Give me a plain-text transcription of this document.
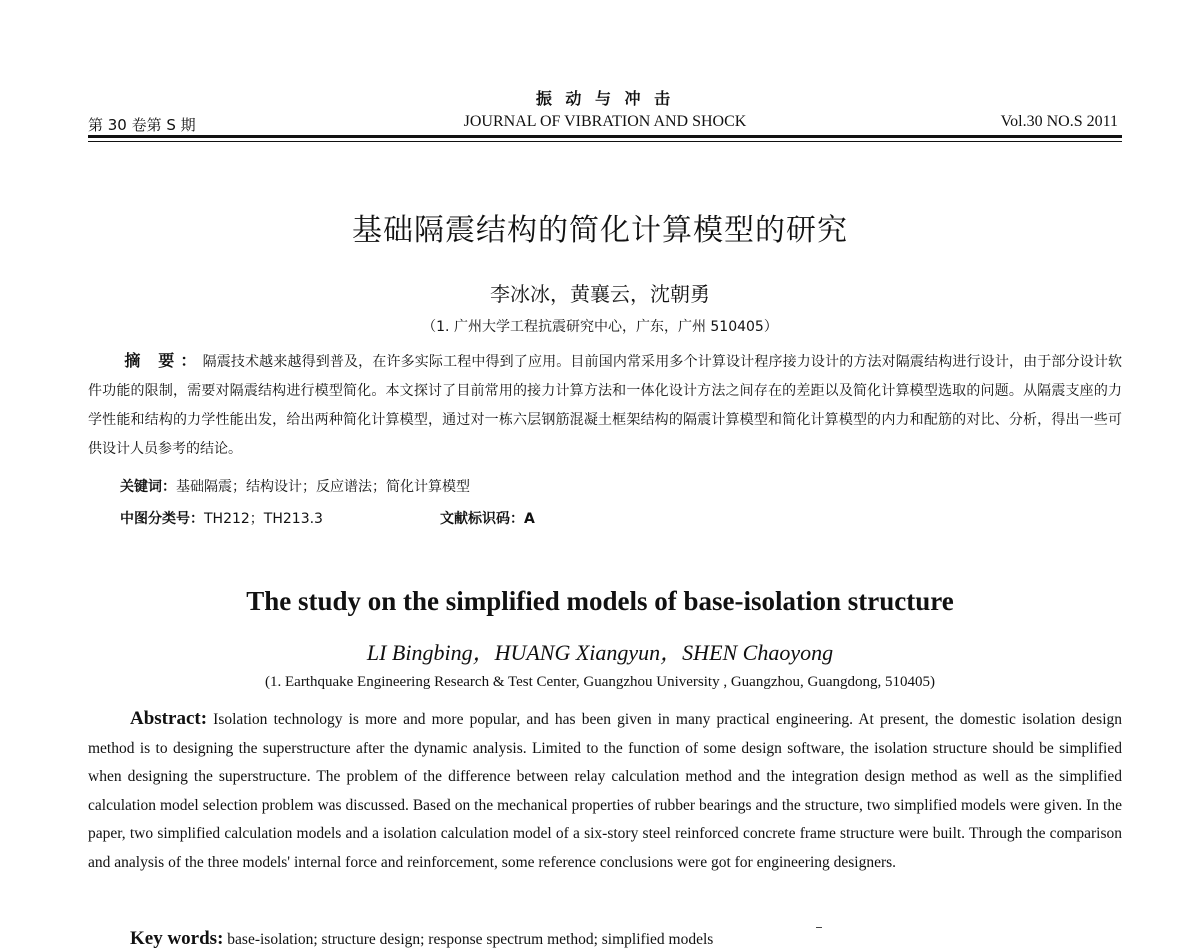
振 动 与 冲 击
第 30 卷第 S 期	JOURNAL OF VIBRATION AND SHOCK	Vol.30 NO.S 2011
基础隔震结构的简化计算模型的研究
李冰冰，黄襄云，沈朝勇
（1. 广州大学工程抗震研究中心，广东，广州 510405）
摘 要：隔震技术越来越得到普及，在许多实际工程中得到了应用。目前国内常采用多个计算设计程序接力设计的方法对隔震结构进行设计，由于部分设计软件功能的限制，需要对隔震结构进行模型简化。本文探讨了目前常用的接力计算方法和一体化设计方法之间存在的差距以及简化计算模型选取的问题。从隔震支座的力学性能和结构的力学性能出发，给出两种简化计算模型，通过对一栋六层钢筋混凝土框架结构的隔震计算模型和简化计算模型的内力和配筋的对比、分析，得出一些可供设计人员参考的结论。
关键词：基础隔震；结构设计；反应谱法；简化计算模型
中图分类号：TH212；TH213.3	文献标识码：A
The study on the simplified models of base-isolation structure
LI Bingbing，HUANG Xiangyun，SHEN Chaoyong
(1. Earthquake Engineering Research & Test Center, Guangzhou University , Guangzhou, Guangdong, 510405)
Abstract: Isolation technology is more and more popular, and has been given in many practical engineering. At present, the domestic isolation design method is to designing the superstructure after the dynamic analysis. Limited to the function of some design software, the isolation structure should be simplified when designing the superstructure. The problem of the difference between relay calculation method and the integration design method as well as the simplified calculation model selection problem was discussed. Based on the mechanical properties of rubber bearings and the structure, two simplified models were given. In the paper, two simplified calculation models and a isolation calculation model of a six-story steel reinforced concrete frame structure were built. Through the comparison and analysis of the three models' internal force and reinforcement, some reference conclusions were got for engineering designers.
Key words: base-isolation; structure design; response spectrum method; simplified models
